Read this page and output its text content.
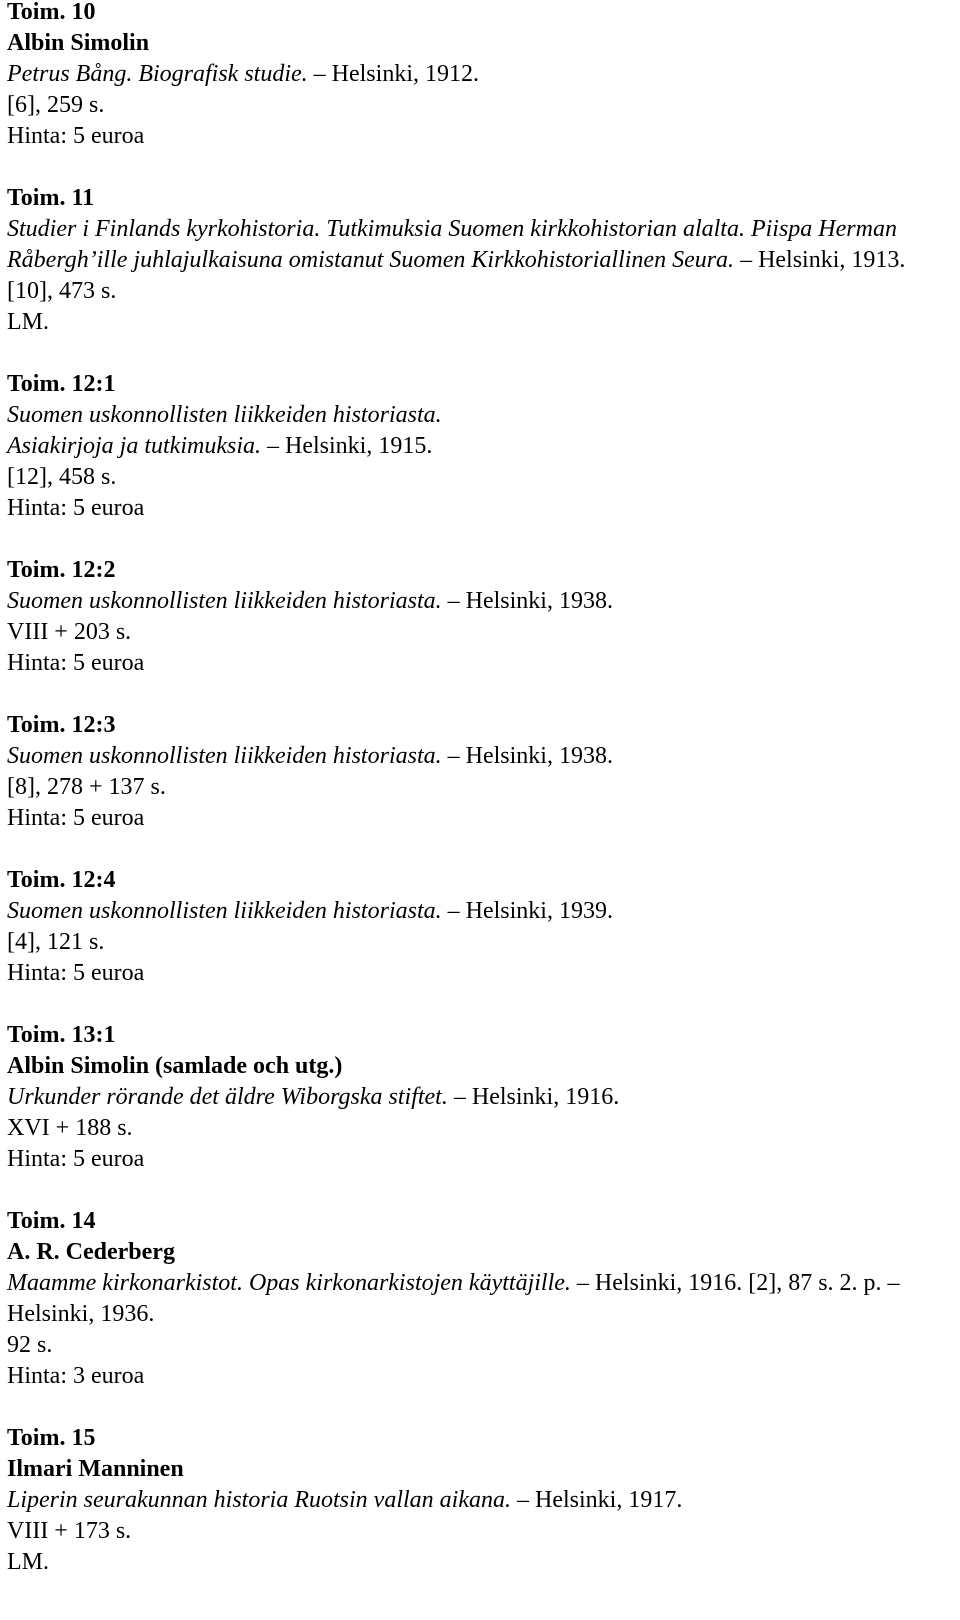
Toim. 10
Albin Simolin
Petrus Bång. Biografisk studie. – Helsinki, 1912.
[6], 259 s.
Hinta: 5 euroa
Toim. 11
Studier i Finlands kyrkohistoria. Tutkimuksia Suomen kirkkohistorian alalta. Piispa Herman
Råbergh’ille juhlajulkaisuna omistanut Suomen Kirkkohistoriallinen Seura. – Helsinki, 1913.
[10], 473 s.
LM.
Toim. 12:1
Suomen uskonnollisten liikkeiden historiasta.
Asiakirjoja ja tutkimuksia. – Helsinki, 1915.
[12], 458 s.
Hinta: 5 euroa
Toim. 12:2
Suomen uskonnollisten liikkeiden historiasta. – Helsinki, 1938.
VIII + 203 s.
Hinta: 5 euroa
Toim. 12:3
Suomen uskonnollisten liikkeiden historiasta. – Helsinki, 1938.
[8], 278 + 137 s.
Hinta: 5 euroa
Toim. 12:4
Suomen uskonnollisten liikkeiden historiasta. – Helsinki, 1939.
[4], 121 s.
Hinta: 5 euroa
Toim. 13:1
Albin Simolin (samlade och utg.)
Urkunder rörande det äldre Wiborgska stiftet. – Helsinki, 1916.
XVI + 188 s.
Hinta: 5 euroa
Toim. 14
A. R. Cederberg
Maamme kirkonarkistot. Opas kirkonarkistojen käyttäjille. – Helsinki, 1916. [2], 87 s. 2. p. –
Helsinki, 1936.
92 s.
Hinta: 3 euroa
Toim. 15
Ilmari Manninen
Liperin seurakunnan historia Ruotsin vallan aikana. – Helsinki, 1917.
VIII + 173 s.
LM.
